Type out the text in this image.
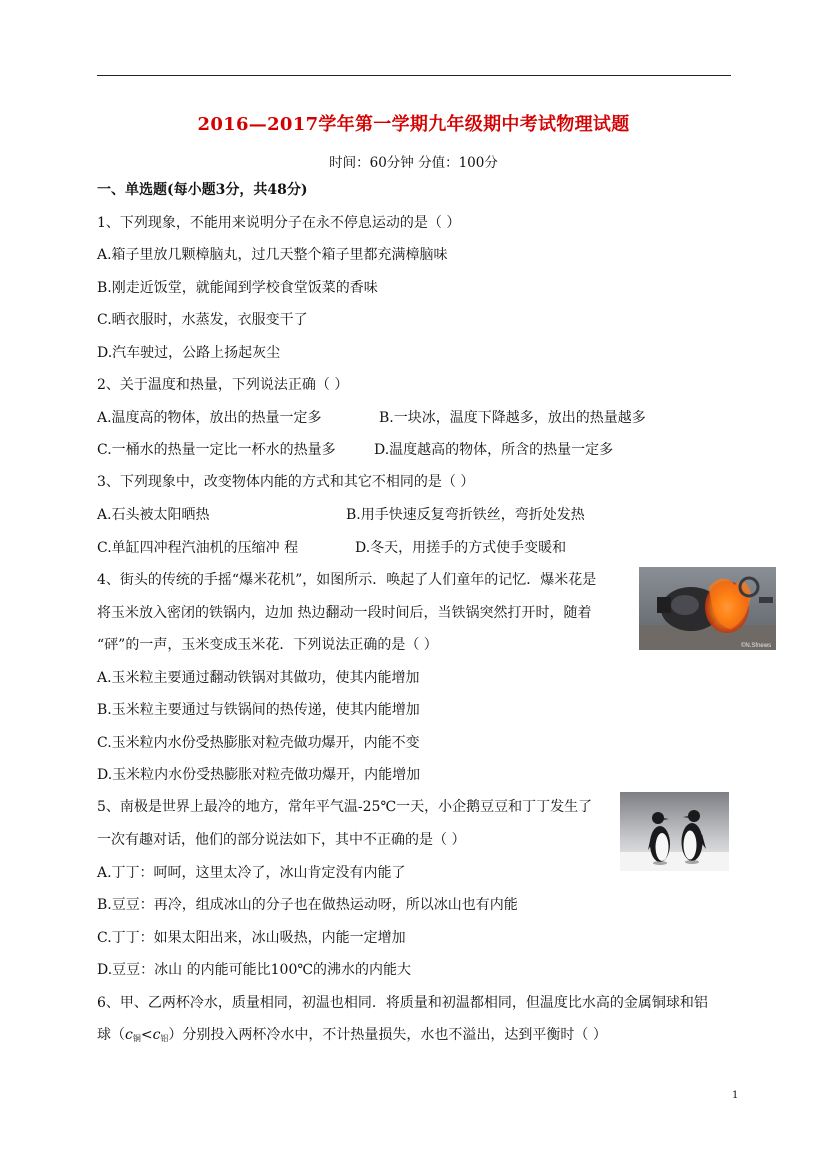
2016—2017学年第一学期九年级期中考试物理试题
时间：60分钟 分值：100分
一、单选题(每小题3分，共48分)
1、下列现象，不能用来说明分子在永不停息运动的是（ ）
A.箱子里放几颗樟脑丸，过几天整个箱子里都充满樟脑味
B.刚走近饭堂，就能闻到学校食堂饭菜的香味
C.晒衣服时，水蒸发，衣服变干了
D.汽车驶过，公路上扬起灰尘
2、关于温度和热量，下列说法正确（ ）
A.温度高的物体，放出的热量一定多	B.一块冰，温度下降越多，放出的热量越多
C.一桶水的热量一定比一杯水的热量多	D.温度越高的物体，所含的热量一定多
3、下列现象中，改变物体内能的方式和其它不相同的是（ ）
A.石头被太阳晒热	B.用手快速反复弯折铁丝，弯折处发热
C.单缸四冲程汽油机的压缩冲 程	D.冬天，用搓手的方式使手变暖和
4、街头的传统的手摇“爆米花机”，如图所示．唤起了人们童年的记忆．爆米花是
将玉米放入密闭的铁锅内，边加 热边翻动一段时间后，当铁锅突然打开时，随着
“砰”的一声，玉米变成玉米花．下列说法正确的是（ ）
A.玉米粒主要通过翻动铁锅对其做功，使其内能增加
B.玉米粒主要通过与铁锅间的热传递，使其内能增加
C.玉米粒内水份受热膨胀对粒壳做功爆开，内能不变
D.玉米粒内水份受热膨胀对粒壳做功爆开，内能增加
©N.Sfnews
5、南极是世界上最冷的地方，常年平气温-25℃一天，小企鹅豆豆和丁丁发生了
一次有趣对话，他们的部分说法如下，其中不正确的是（ ）
A.丁丁：呵呵，这里太冷了，冰山肯定没有内能了
B.豆豆：再冷，组成冰山的分子也在做热运动呀，所以冰山也有内能
C.丁丁：如果太阳出来，冰山吸热，内能一定增加
D.豆豆：冰山 的内能可能比100℃的沸水的内能大
6、甲、乙两杯冷水，质量相同，初温也相同．将质量和初温都相同，但温度比水高的金属铜球和铝
球$(c_铜<c_铝)$分别投入两杯冷水中，不计热量损失，水也不溢出，达到平衡时（ ）
1
